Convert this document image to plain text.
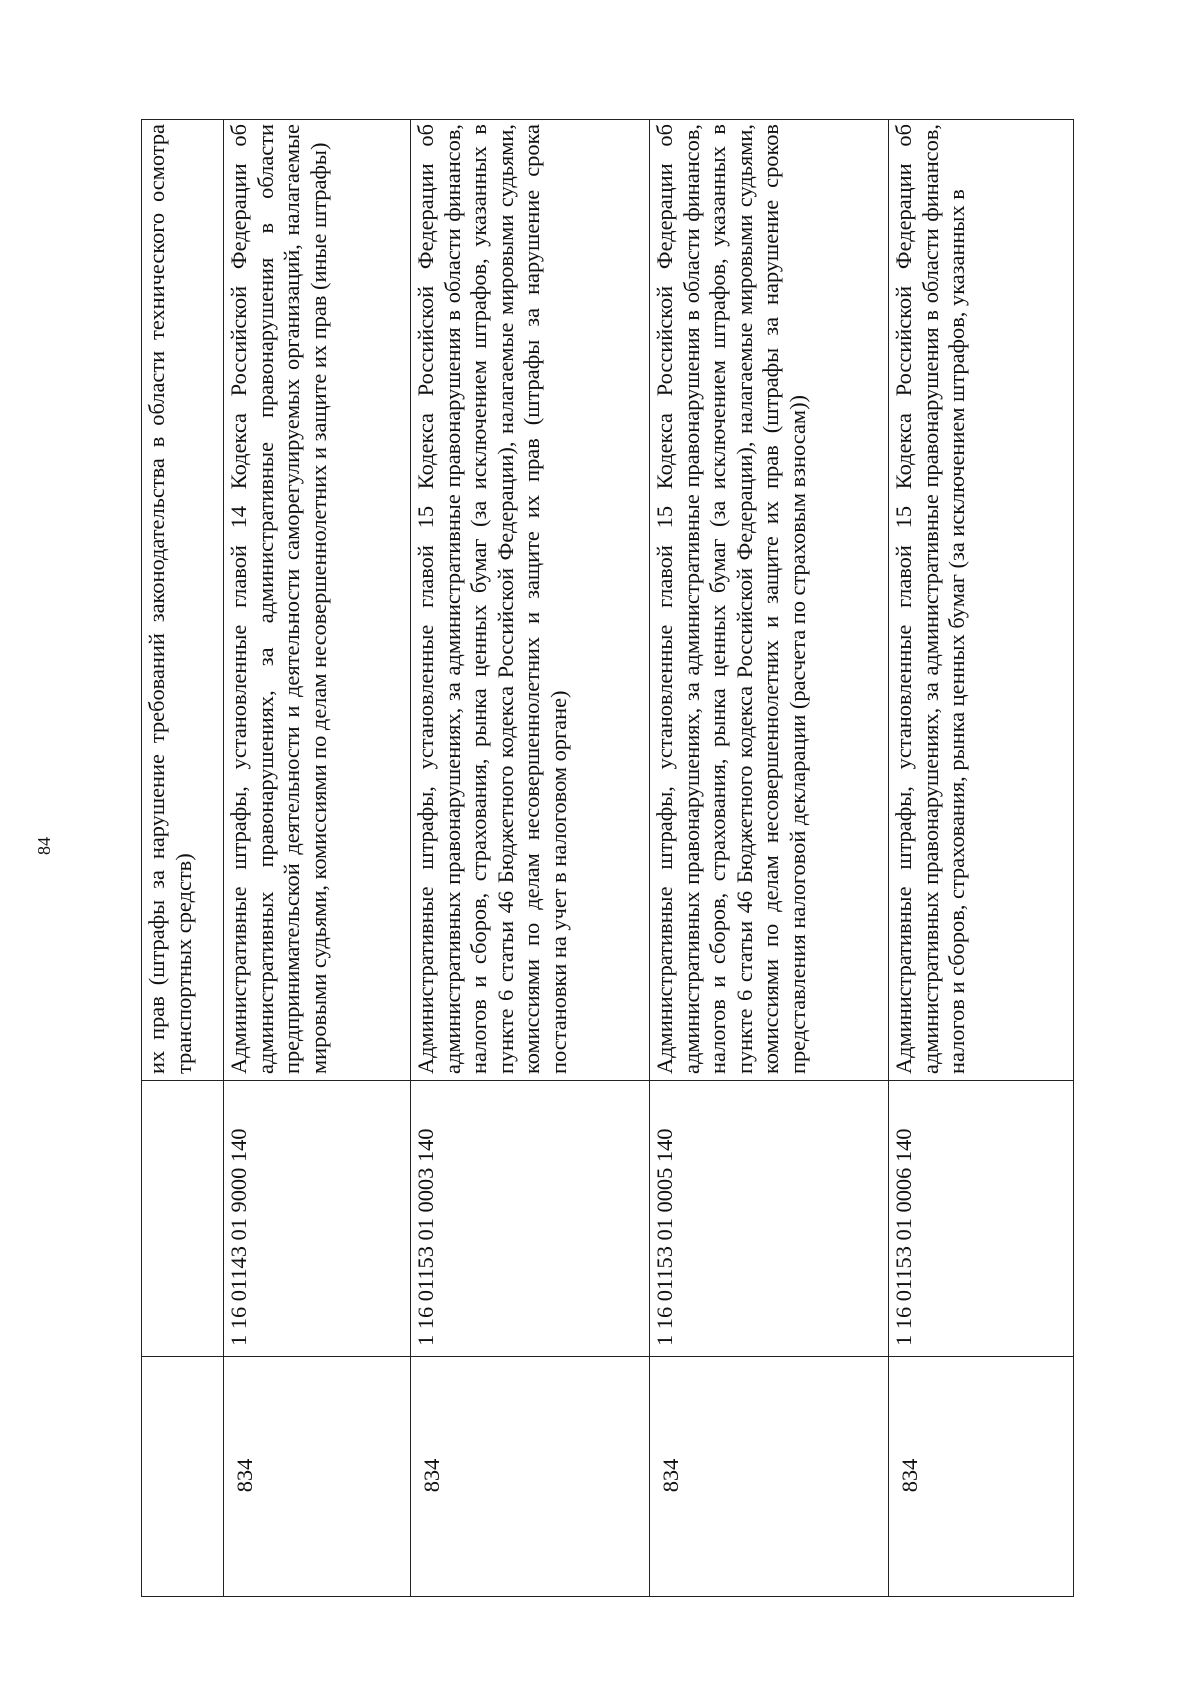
84
			их прав (штрафы за нарушение требований законодательства в области технического осмотра транспортных средств)
834	1 16 01143 01 9000 140	Административные штрафы, установленные главой 14 Кодекса Российской Федерации об административных правонарушениях, за административные правонарушения в области предпринимательской деятельности и деятельности саморегулируемых организаций, налагаемые мировыми судьями, комиссиями по делам несовершеннолетних и защите их прав (иные штрафы)
834	1 16 01153 01 0003 140	Административные штрафы, установленные главой 15 Кодекса Российской Федерации об административных правонарушениях, за административные правонарушения в области финансов, налогов и сборов, страхования, рынка ценных бумаг (за исключением штрафов, указанных в пункте 6 статьи 46 Бюджетного кодекса Российской Федерации), налагаемые мировыми судьями, комиссиями по делам несовершеннолетних и защите их прав (штрафы за нарушение срока постановки на учет в налоговом органе)
834	1 16 01153 01 0005 140	Административные штрафы, установленные главой 15 Кодекса Российской Федерации об административных правонарушениях, за административные правонарушения в области финансов, налогов и сборов, страхования, рынка ценных бумаг (за исключением штрафов, указанных в пункте 6 статьи 46 Бюджетного кодекса Российской Федерации), налагаемые мировыми судьями, комиссиями по делам несовершеннолетних и защите их прав (штрафы за нарушение сроков представления налоговой декларации (расчета по страховым взносам))
834	1 16 01153 01 0006 140	Административные штрафы, установленные главой 15 Кодекса Российской Федерации об административных правонарушениях, за административные правонарушения в области финансов, налогов и сборов, страхования, рынка ценных бумаг (за исключением штрафов, указанных в
